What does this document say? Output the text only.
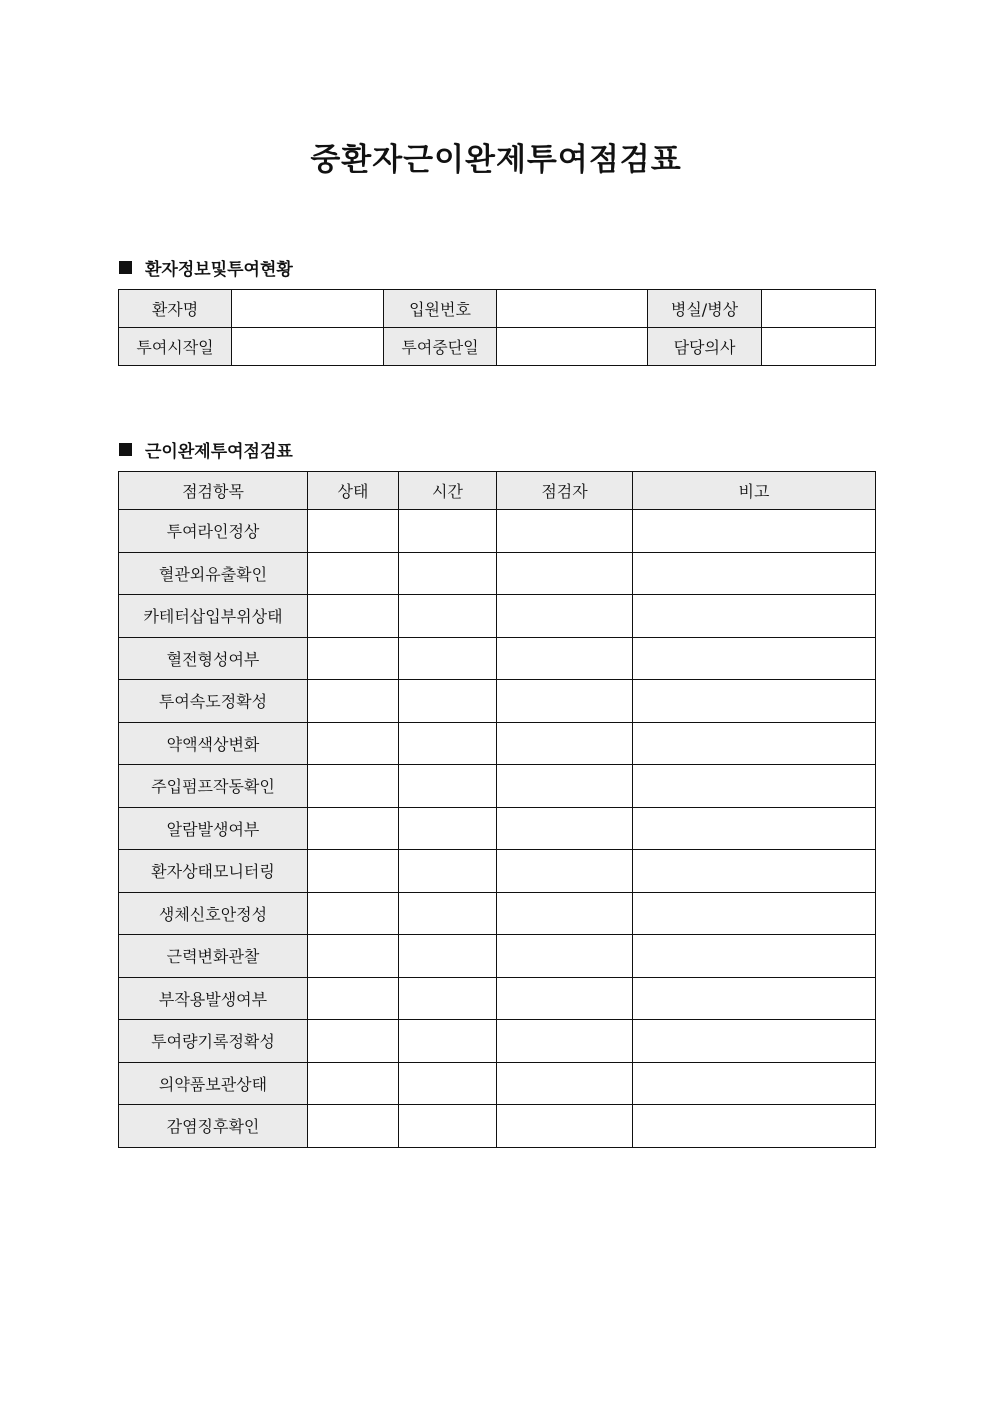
중환자근이완제투여점검표
환자정보및투여현황
환자명		입원번호		병실/병상	
투여시작일		투여중단일		담당의사	
근이완제투여점검표
점검항목	상태	시간	점검자	비고
투여라인정상				
혈관외유출확인				
카테터삽입부위상태				
혈전형성여부				
투여속도정확성				
약액색상변화				
주입펌프작동확인				
알람발생여부				
환자상태모니터링				
생체신호안정성				
근력변화관찰				
부작용발생여부				
투여량기록정확성				
의약품보관상태				
감염징후확인				
